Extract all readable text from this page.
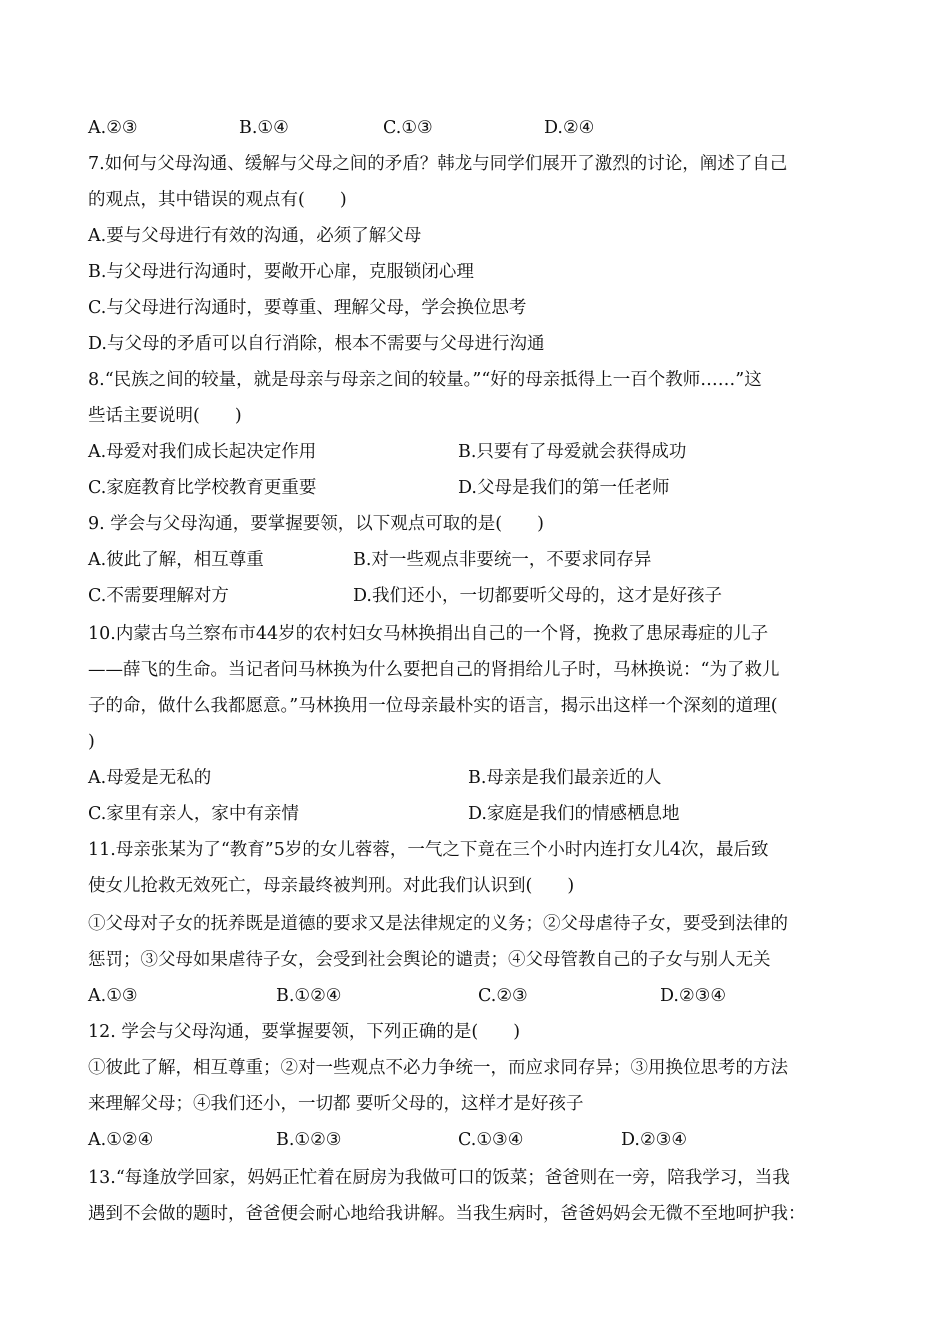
A.②③	B.①④	C.①③	D.②④
7.如何与父母沟通、缓解与父母之间的矛盾？韩龙与同学们展开了激烈的讨论，阐述了自己
的观点，其中错误的观点有(　　)
A.要与父母进行有效的沟通，必须了解父母
B.与父母进行沟通时，要敞开心扉，克服锁闭心理
C.与父母进行沟通时，要尊重、理解父母，学会换位思考
D.与父母的矛盾可以自行消除，根本不需要与父母进行沟通
8.“民族之间的较量，就是母亲与母亲之间的较量。”“好的母亲抵得上一百个教师……”这
些话主要说明(　　)
A.母爱对我们成长起决定作用	B.只要有了母爱就会获得成功
C.家庭教育比学校教育更重要	D.父母是我们的第一任老师
9. 学会与父母沟通，要掌握要领，以下观点可取的是(　　)
A.彼此了解，相互尊重	B.对一些观点非要统一，不要求同存异
C.不需要理解对方	D.我们还小，一切都要听父母的，这才是好孩子
10.内蒙古乌兰察布市44岁的农村妇女马林换捐出自己的一个肾，挽救了患尿毒症的儿子
——薛飞的生命。当记者问马林换为什么要把自己的肾捐给儿子时，马林换说：“为了救儿
子的命，做什么我都愿意。”马林换用一位母亲最朴实的语言，揭示出这样一个深刻的道理(
)
A.母爱是无私的	B.母亲是我们最亲近的人
C.家里有亲人，家中有亲情	D.家庭是我们的情感栖息地
11.母亲张某为了“教育”5岁的女儿蓉蓉，一气之下竟在三个小时内连打女儿4次，最后致
使女儿抢救无效死亡，母亲最终被判刑。对此我们认识到(　　)
①父母对子女的抚养既是道德的要求又是法律规定的义务；②父母虐待子女，要受到法律的
惩罚；③父母如果虐待子女，会受到社会舆论的谴责；④父母管教自己的子女与别人无关
A.①③	B.①②④	C.②③	D.②③④
12. 学会与父母沟通，要掌握要领，下列正确的是(　　)
①彼此了解，相互尊重；②对一些观点不必力争统一，而应求同存异；③用换位思考的方法
来理解父母；④我们还小，一切都 要听父母的，这样才是好孩子
A.①②④	B.①②③	C.①③④	D.②③④
13.“每逢放学回家，妈妈正忙着在厨房为我做可口的饭菜；爸爸则在一旁，陪我学习，当我
遇到不会做的题时，爸爸便会耐心地给我讲解。当我生病时，爸爸妈妈会无微不至地呵护我：
